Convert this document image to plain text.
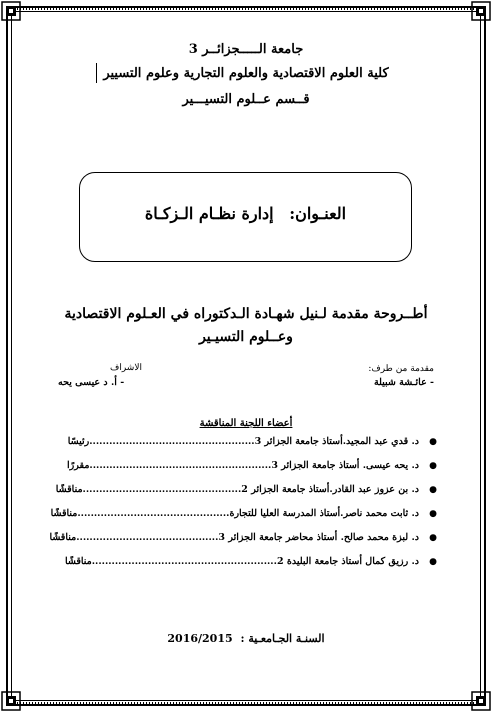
جامعة الـــــجزائــر 3
كلية العلوم الاقتصادية والعلوم التجارية وعلوم التسيير
قــسم عــلوم التسيـــير
العنـوان: إدارة نظـام الـزكـاة
أطــروحة مقدمة لـنيل شهـادة الـدكتوراه في العـلوم الاقتصادية
وعــلوم التسيـير
مقدمة من طرف:
- عائـشة شبيلة
الاشراف
- أ. د عيسى يحه
أعضاء اللجنة المناقشة
●
د. قدي عبد المجيد.أستاذ جامعة الجزائر 3..................................................رئيسًا
●
د. يحه عيسى. أستاذ جامعة الجزائر 3.......................................................مقررًا
●
د. بن عزوز عبد القادر.أستاذ جامعة الجزائر 2................................................مناقشًا
●
د. ثابت محمد ناصر.أستاذ المدرسة العليا للتجارة..............................................مناقشًا
●
د. لبزة محمد صالح. أستاذ محاضر جامعة الجزائر 3...........................................مناقشًا
●
د. رزيق كمال أستاذ جامعة البليدة 2........................................................مناقشًا
السنـة الجـامعـية : 2016/2015
